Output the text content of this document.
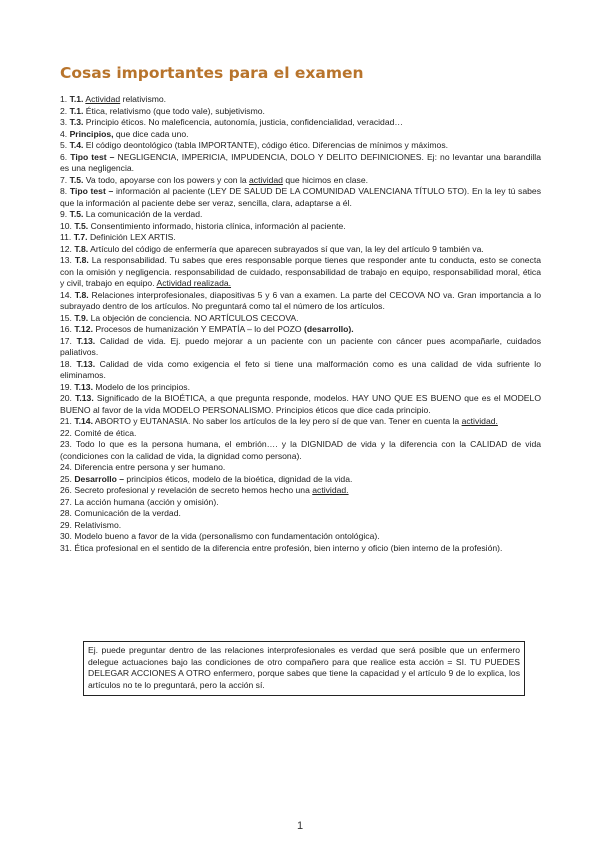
Cosas importantes para el examen
1. T.1. Actividad relativismo.
2. T.1. Ética, relativismo (que todo vale), subjetivismo.
3. T.3. Principio éticos. No maleficencia, autonomía, justicia, confidencialidad, veracidad…
4. Principios, que dice cada uno.
5. T.4. El código deontológico (tabla IMPORTANTE), código ético. Diferencias de mínimos y máximos.
6. Tipo test – NEGLIGENCIA, IMPERICIA, IMPUDENCIA, DOLO Y DELITO DEFINICIONES. Ej: no levantar una barandilla es una negligencia.
7. T.5. Va todo, apoyarse con los powers y con la actividad que hicimos en clase.
8. Tipo test – información al paciente (LEY DE SALUD DE LA COMUNIDAD VALENCIANA TÍTULO 5TO). En la ley tú sabes que la información al paciente debe ser veraz, sencilla, clara, adaptarse a él.
9. T.5. La comunicación de la verdad.
10. T.5. Consentimiento informado, historia clínica, información al paciente.
11. T.7. Definición LEX ARTIS.
12. T.8. Artículo del código de enfermería que aparecen subrayados sí que van, la ley del artículo 9 también va.
13. T.8. La responsabilidad. Tu sabes que eres responsable porque tienes que responder ante tu conducta, esto se conecta con la omisión y negligencia. responsabilidad de cuidado, responsabilidad de trabajo en equipo, responsabilidad moral, ética y civil, trabajo en equipo. Actividad realizada.
14. T.8. Relaciones interprofesionales, diapositivas 5 y 6 van a examen. La parte del CECOVA NO va. Gran importancia a lo subrayado dentro de los artículos. No preguntará como tal el número de los artículos.
15. T.9. La objeción de conciencia. NO ARTÍCULOS CECOVA.
16. T.12. Procesos de humanización Y EMPATÍA – lo del POZO (desarrollo).
17. T.13. Calidad de vida. Ej. puedo mejorar a un paciente con un paciente con cáncer pues acompañarle, cuidados paliativos.
18. T.13. Calidad de vida como exigencia el feto si tiene una malformación como es una calidad de vida sufriente lo eliminamos.
19. T.13. Modelo de los principios.
20. T.13. Significado de la BIOÉTICA, a que pregunta responde, modelos. HAY UNO QUE ES BUENO que es el MODELO BUENO al favor de la vida MODELO PERSONALISMO. Principios éticos que dice cada principio.
21. T.14. ABORTO y EUTANASIA. No saber los artículos de la ley pero sí de que van. Tener en cuenta la actividad.
22. Comité de ética.
23. Todo lo que es la persona humana, el embrión…. y la DIGNIDAD de vida y la diferencia con la CALIDAD de vida (condiciones con la calidad de vida, la dignidad como persona).
24. Diferencia entre persona y ser humano.
25. Desarrollo – principios éticos, modelo de la bioética, dignidad de la vida.
26. Secreto profesional y revelación de secreto hemos hecho una actividad.
27. La acción humana (acción y omisión).
28. Comunicación de la verdad.
29. Relativismo.
30. Modelo bueno a favor de la vida (personalismo con fundamentación ontológica).
31. Ética profesional en el sentido de la diferencia entre profesión, bien interno y oficio (bien interno de la profesión).
Ej. puede preguntar dentro de las relaciones interprofesionales es verdad que será posible que un enfermero delegue actuaciones bajo las condiciones de otro compañero para que realice esta acción = SI. TU PUEDES DELEGAR ACCIONES A OTRO enfermero, porque sabes que tiene la capacidad y el artículo 9 de lo explica, los artículos no te lo preguntará, pero la acción sí.
1
